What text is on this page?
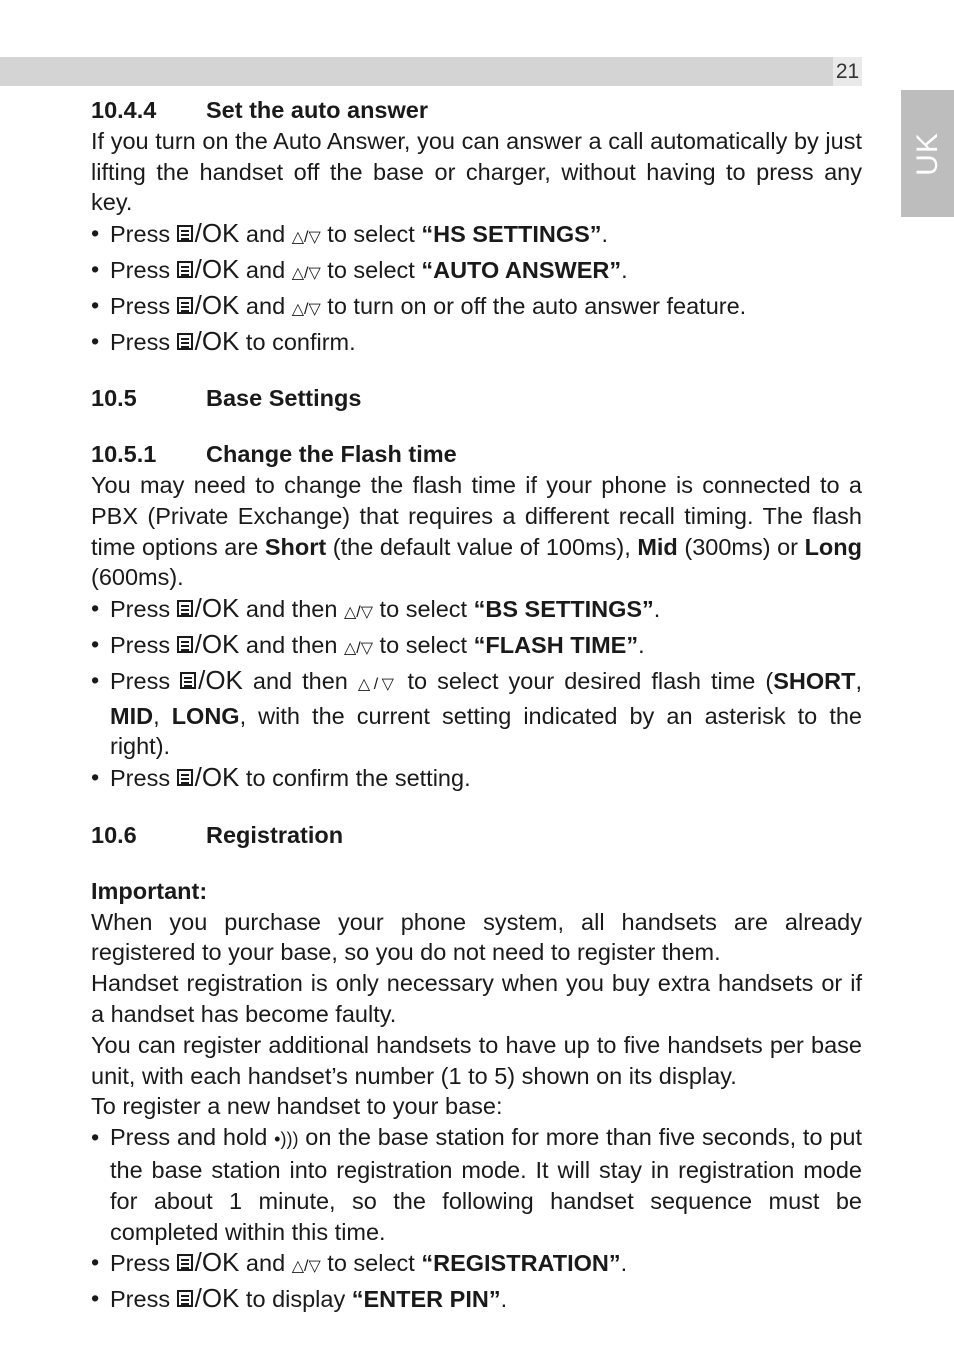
21
UK

10.4.4	Set the auto answer

If you turn on the Auto Answer, you can answer a call automatically by just lifting the handset off the base or charger, without having to press any key.

• Press /OK and △/▽ to select “HS SETTINGS”.
• Press /OK and △/▽ to select “AUTO ANSWER”.
• Press /OK and △/▽ to turn on or off the auto answer feature.
• Press /OK to confirm.

10.5	Base Settings

10.5.1	Change the Flash time

You may need to change the flash time if your phone is connected to a PBX (Private Exchange) that requires a different recall timing. The flash time options are Short (the default value of 100ms), Mid (300ms) or Long (600ms).

• Press /OK and then △/▽ to select “BS SETTINGS”.
• Press /OK and then △/▽ to select “FLASH TIME”.
• Press /OK and then △/▽ to select your desired flash time (SHORT, MID, LONG, with the current setting indicated by an asterisk to the right).
• Press /OK to confirm the setting.

10.6	Registration

Important:

When you purchase your phone system, all handsets are already registered to your base, so you do not need to register them.

Handset registration is only necessary when you buy extra handsets or if a handset has become faulty.

You can register additional handsets to have up to five handsets per base unit, with each handset’s number (1 to 5) shown on its display.

To register a new handset to your base:

• Press and hold •))) on the base station for more than five seconds, to put the base station into registration mode. It will stay in registration mode for about 1 minute, so the following handset sequence must be completed within this time.
• Press /OK and △/▽ to select “REGISTRATION”.
• Press /OK to display “ENTER PIN”.
